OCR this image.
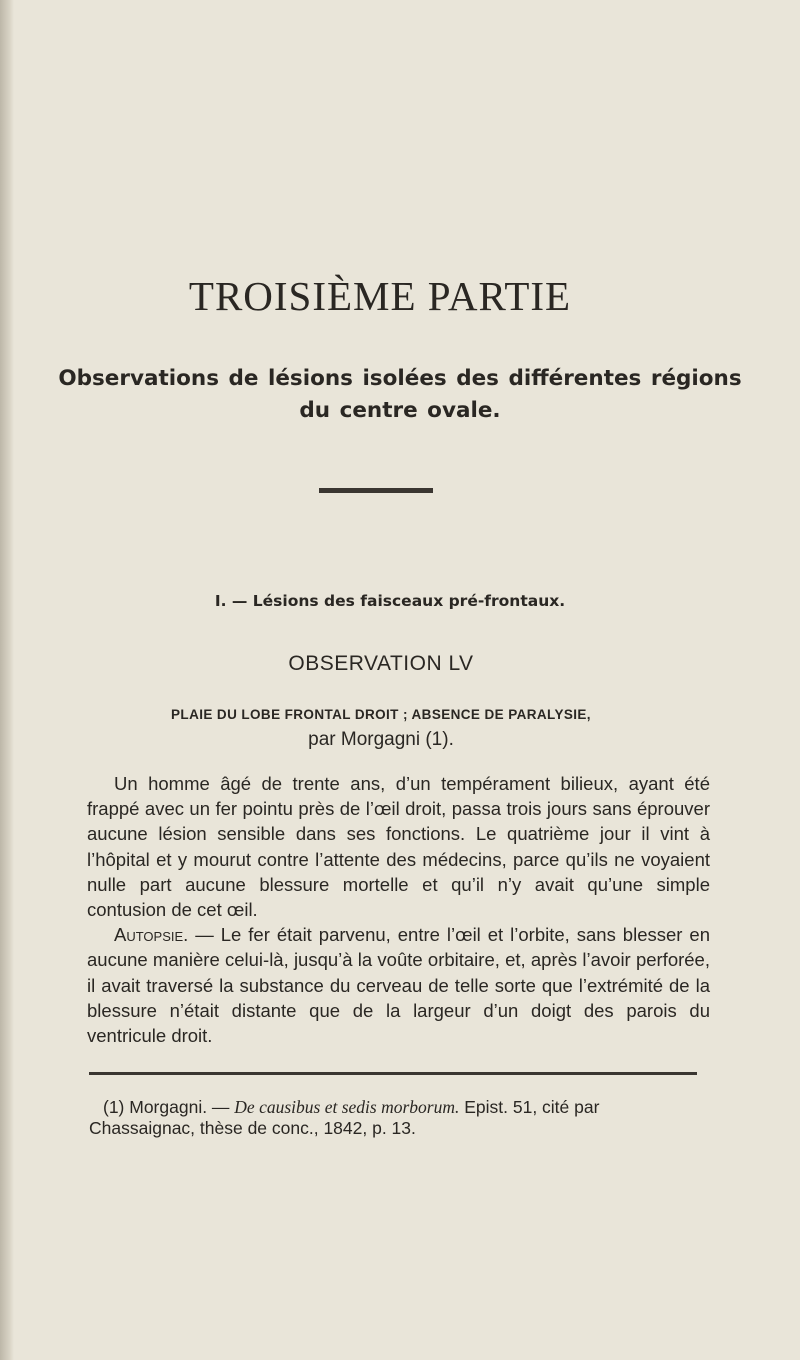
TROISIÈME PARTIE
Observations de lésions isolées des différentes régions du centre ovale.
I. — Lésions des faisceaux pré-frontaux.
OBSERVATION LV
PLAIE DU LOBE FRONTAL DROIT ; ABSENCE DE PARALYSIE,
par Morgagni (1).

Un homme âgé de trente ans, d’un tempérament bilieux, ayant été frappé avec un fer pointu près de l’œil droit, passa trois jours sans éprouver aucune lésion sensible dans ses fonctions. Le quatrième jour il vint à l’hôpital et y mourut contre l’attente des médecins, parce qu’ils ne voyaient nulle part aucune blessure mortelle et qu’il n’y avait qu’une simple contusion de cet œil.

Autopsie. — Le fer était parvenu, entre l’œil et l’orbite, sans blesser en aucune manière celui-là, jusqu’à la voûte orbitaire, et, après l’avoir perforée, il avait traversé la substance du cerveau de telle sorte que l’extrémité de la blessure n’était distante que de la largeur d’un doigt des parois du ventricule droit.

(1) Morgagni. — De causibus et sedis morborum. Epist. 51, cité par Chassaignac, thèse de conc., 1842, p. 13.
